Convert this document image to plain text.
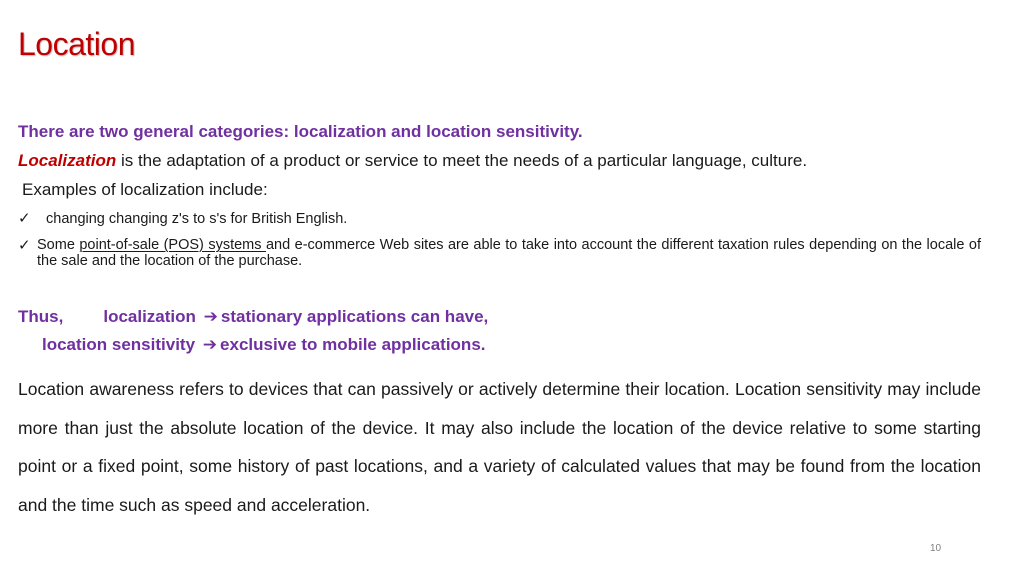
Location
There are two general categories: localization and location sensitivity.
Localization is the adaptation of a product or service to meet the needs of a particular language, culture.
Examples of localization include:
✓ changing changing z's to s's for British English.
✓ Some point-of-sale (POS) systems and e-commerce Web sites are able to take into account the different taxation rules depending on the locale of the sale and the location of the purchase.
Thus, localization ➔ stationary applications can have,
location sensitivity ➔ exclusive to mobile applications.
Location awareness refers to devices that can passively or actively determine their location. Location sensitivity may include more than just the absolute location of the device. It may also include the location of the device relative to some starting point or a fixed point, some history of past locations, and a variety of calculated values that may be found from the location and the time such as speed and acceleration.
10
